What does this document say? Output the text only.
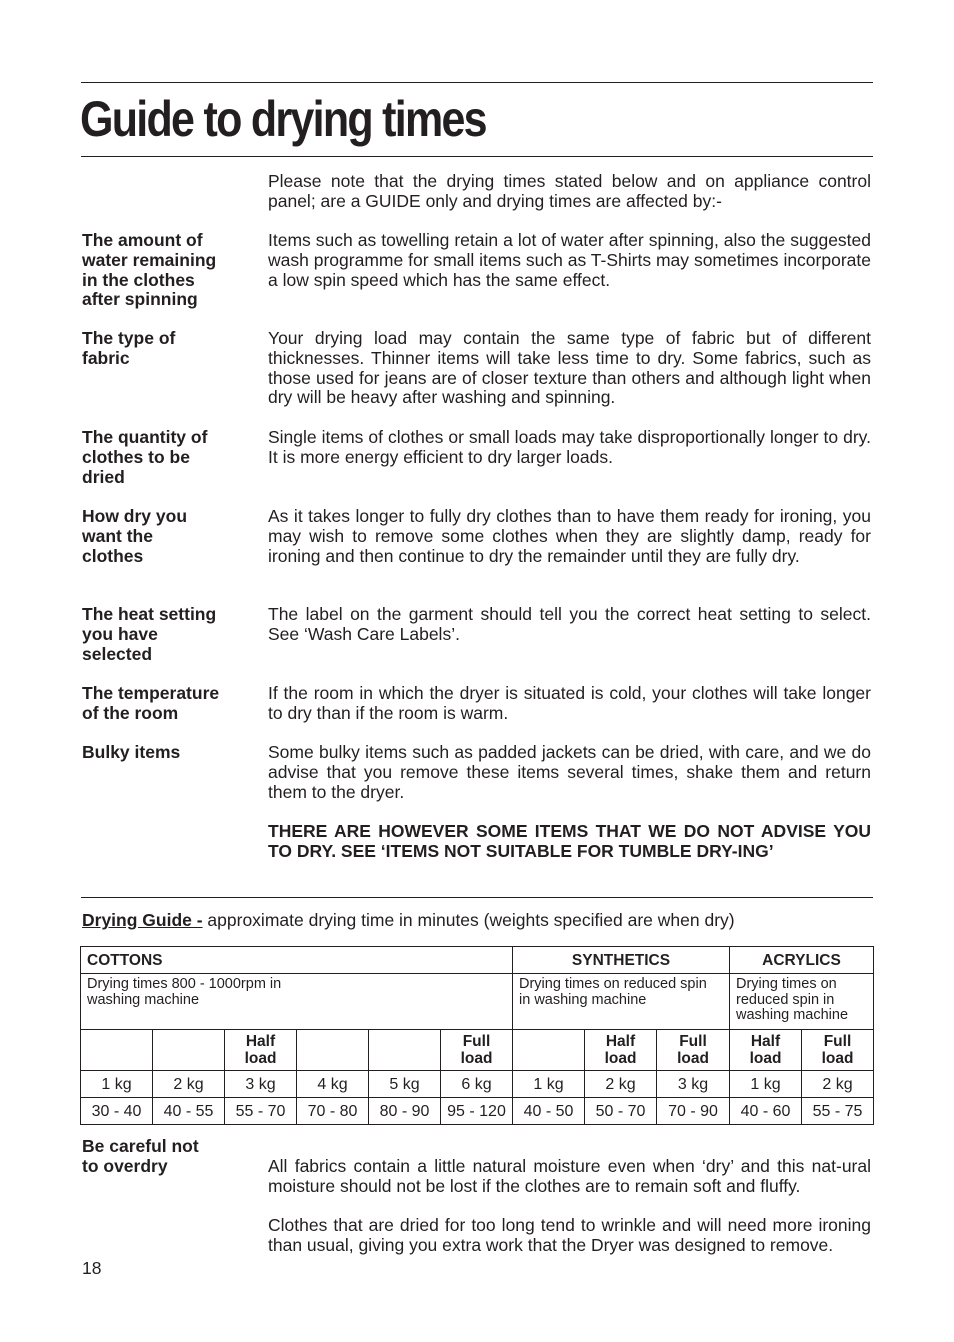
Guide to drying times
Please note that the drying times stated below and on appliance control panel; are a GUIDE only and drying times are affected by:-
The amount of
water remaining
in the clothes
after spinning
Items such as towelling retain a lot of water after spinning, also the suggested wash programme for small items such as T-Shirts may sometimes incorporate a low spin speed which has the same effect.
The type of
fabric
Your drying load may contain the same type of fabric but of different thicknesses. Thinner items will take less time to dry. Some fabrics, such as those used for jeans are of closer texture than others and although light when dry will be heavy after washing and spinning.
The quantity of
clothes to be
dried
Single items of clothes or small loads may take disproportionally longer to dry. It is more energy efficient to dry larger loads.
How dry you
want the
clothes
As it takes longer to fully dry clothes than to have them ready for ironing, you may wish to remove some clothes when they are slightly damp, ready for ironing and then continue to dry the remainder until they are fully dry.
The heat setting
you have
selected
The label on the garment should tell you the correct heat setting to select. See ‘Wash Care Labels’.
The temperature
of the room
If the room in which the dryer is situated is cold, your clothes will take longer to dry than if the room is warm.
Bulky items	Some bulky items such as padded jackets can be dried, with care, and we do advise that you remove these items several times, shake them and return them to the dryer.
THERE ARE HOWEVER SOME ITEMS THAT WE DO NOT ADVISE YOU TO DRY. SEE ‘ITEMS NOT SUITABLE FOR TUMBLE DRY-ING’
Drying Guide - approximate drying time in minutes (weights specified are when dry)
COTTONS						SYNTHETICS			ACRYLICS	

Drying times 800 - 1000rpm in washing machine						Drying times on reduced spin in washing machine			Drying times on reduced spin in washing machine	
		Half load			Full load		Half load	Full load	Half load	Full load
1 kg	2 kg	3 kg	4 kg	5 kg	6 kg	1 kg	2 kg	3 kg	1 kg	2 kg
30 - 40	40 - 55	55 - 70	70 - 80	80 - 90	95 - 120	40 - 50	50 - 70	70 - 90	40 - 60	55 - 75
Be careful not
to overdry	All fabrics contain a little natural moisture even when ‘dry’ and this nat-ural moisture should not be lost if the clothes are to remain soft and fluffy.
Clothes that are dried for too long tend to wrinkle and will need more ironing than usual, giving you extra work that the Dryer was designed to remove.
18
